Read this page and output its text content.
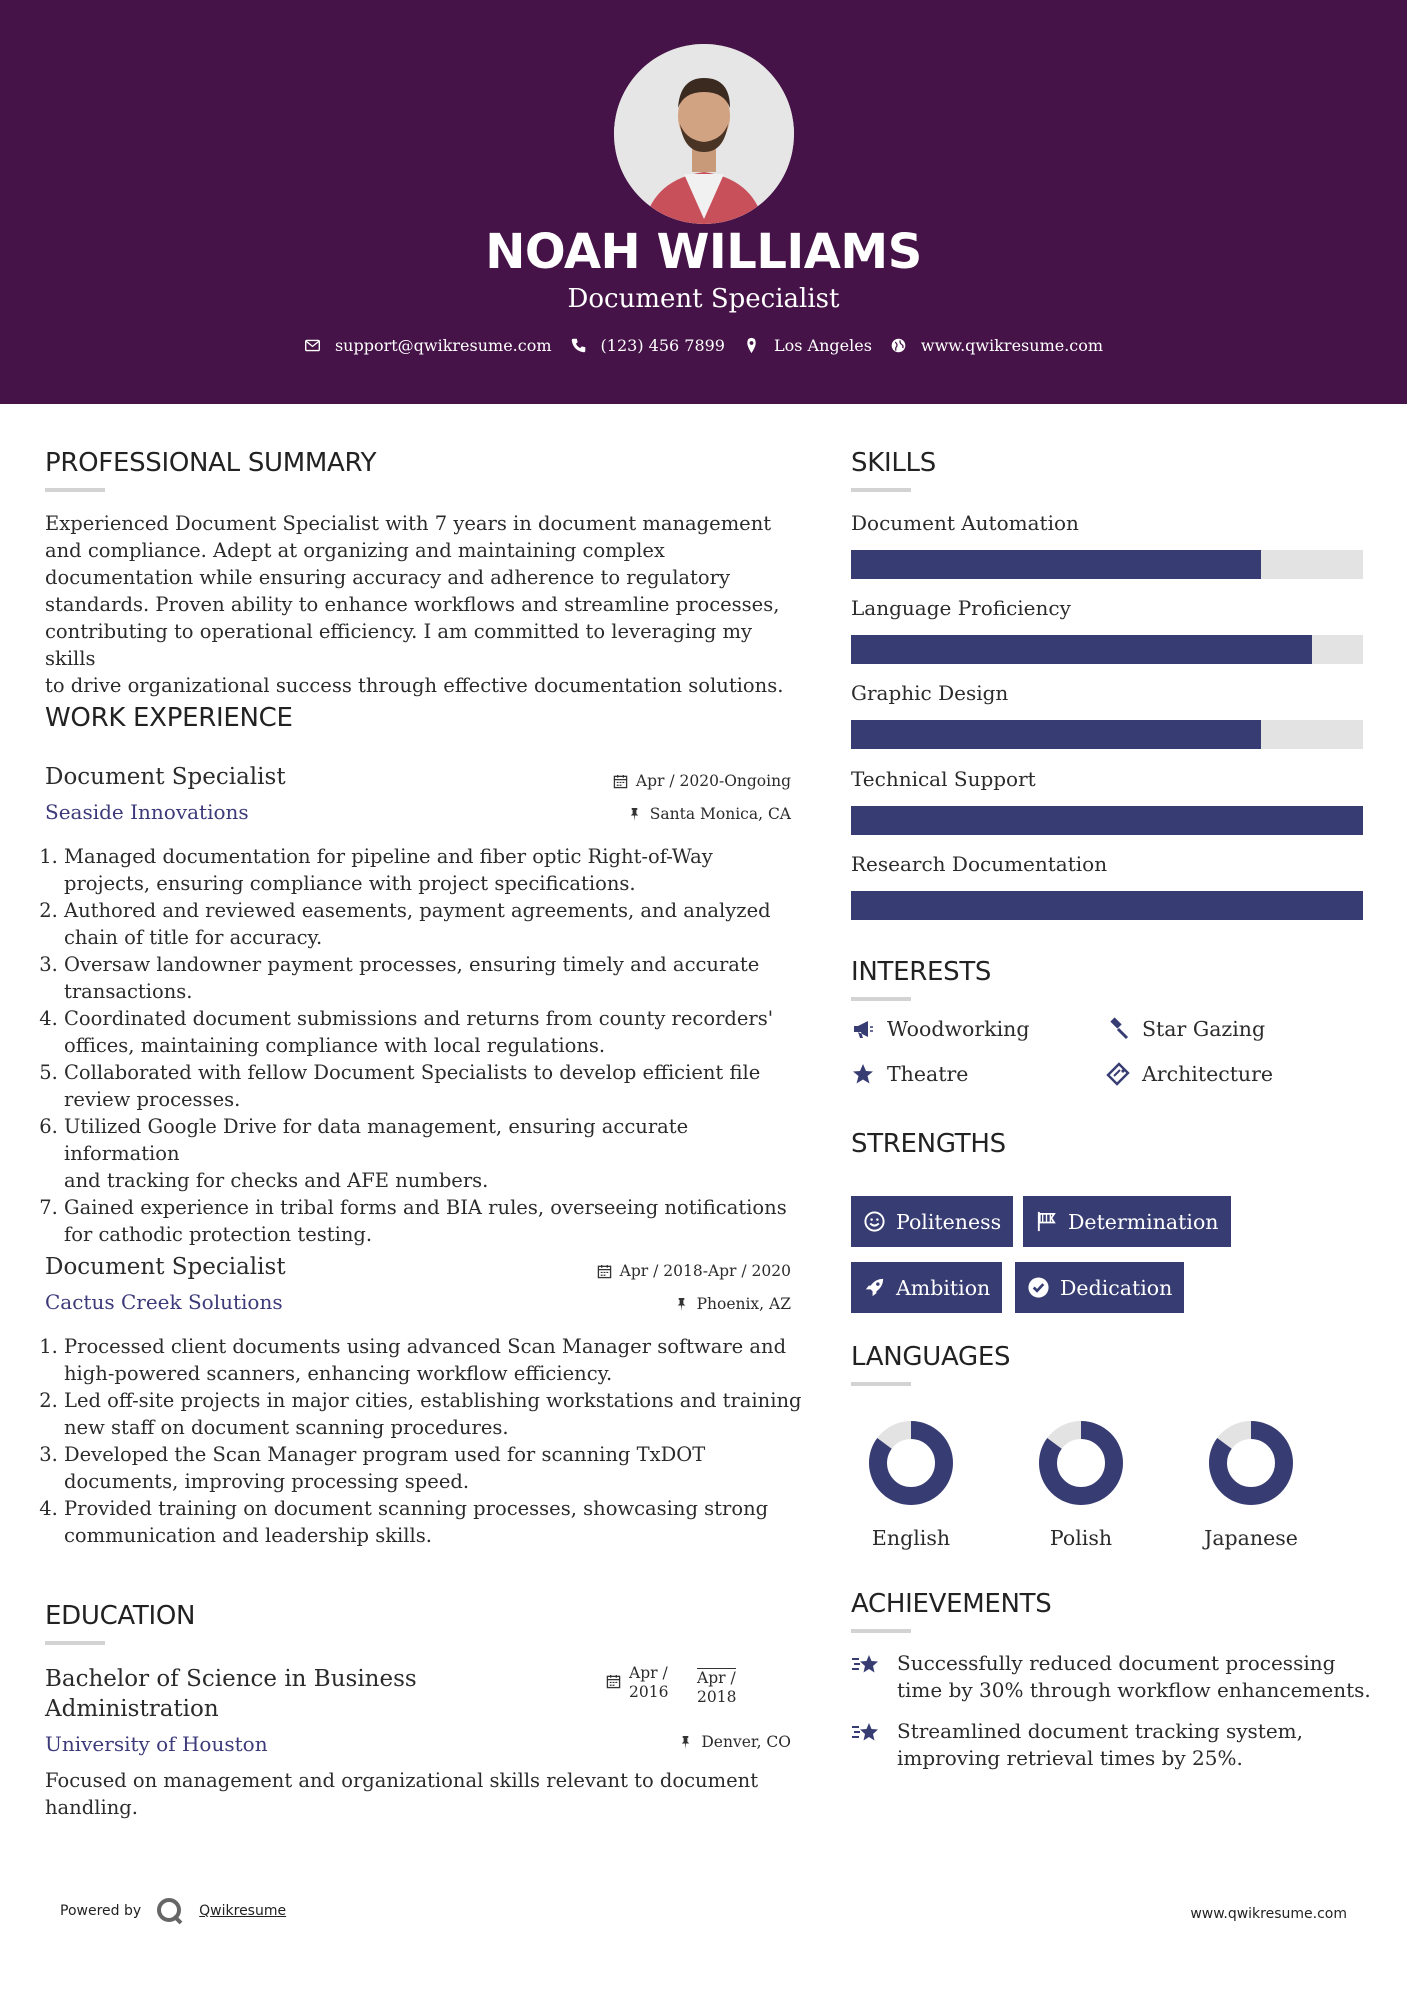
NOAH WILLIAMS
Document Specialist
support@qwikresume.com	(123) 456 7899	Los Angeles	www.qwikresume.com
PROFESSIONAL SUMMARY
Experienced Document Specialist with 7 years in document management
and compliance. Adept at organizing and maintaining complex
documentation while ensuring accuracy and adherence to regulatory
standards. Proven ability to enhance workflows and streamline processes,
contributing to operational efficiency. I am committed to leveraging my skills
to drive organizational success through effective documentation solutions.
WORK EXPERIENCE
Document Specialist
Seaside Innovations
Apr / 2020-Ongoing
Santa Monica, CA
1. Managed documentation for pipeline and fiber optic Right-of-Way
projects, ensuring compliance with project specifications.
2. Authored and reviewed easements, payment agreements, and analyzed
chain of title for accuracy.
3. Oversaw landowner payment processes, ensuring timely and accurate
transactions.
4. Coordinated document submissions and returns from county recorders'
offices, maintaining compliance with local regulations.
5. Collaborated with fellow Document Specialists to develop efficient file
review processes.
6. Utilized Google Drive for data management, ensuring accurate information
and tracking for checks and AFE numbers.
7. Gained experience in tribal forms and BIA rules, overseeing notifications
for cathodic protection testing.
Document Specialist
Cactus Creek Solutions
Apr / 2018-Apr / 2020
Phoenix, AZ
1. Processed client documents using advanced Scan Manager software and
high-powered scanners, enhancing workflow efficiency.
2. Led off-site projects in major cities, establishing workstations and training
new staff on document scanning procedures.
3. Developed the Scan Manager program used for scanning TxDOT
documents, improving processing speed.
4. Provided training on document scanning processes, showcasing strong
communication and leadership skills.
EDUCATION
Bachelor of Science in Business
Administration
University of Houston
Apr /
2016
Apr /
2018
Denver, CO
Focused on management and organizational skills relevant to document
handling.
SKILLS
Document Automation
Language Proficiency
Graphic Design
Technical Support
Research Documentation
INTERESTS
Woodworking	Star Gazing
Theatre	Architecture
STRENGTHS
Politeness	Determination
Ambition	Dedication
LANGUAGES
English	Polish	Japanese
ACHIEVEMENTS
Successfully reduced document processing
time by 30% through workflow enhancements.
Streamlined document tracking system,
improving retrieval times by 25%.
Powered by	Qwikresume	www.qwikresume.com
